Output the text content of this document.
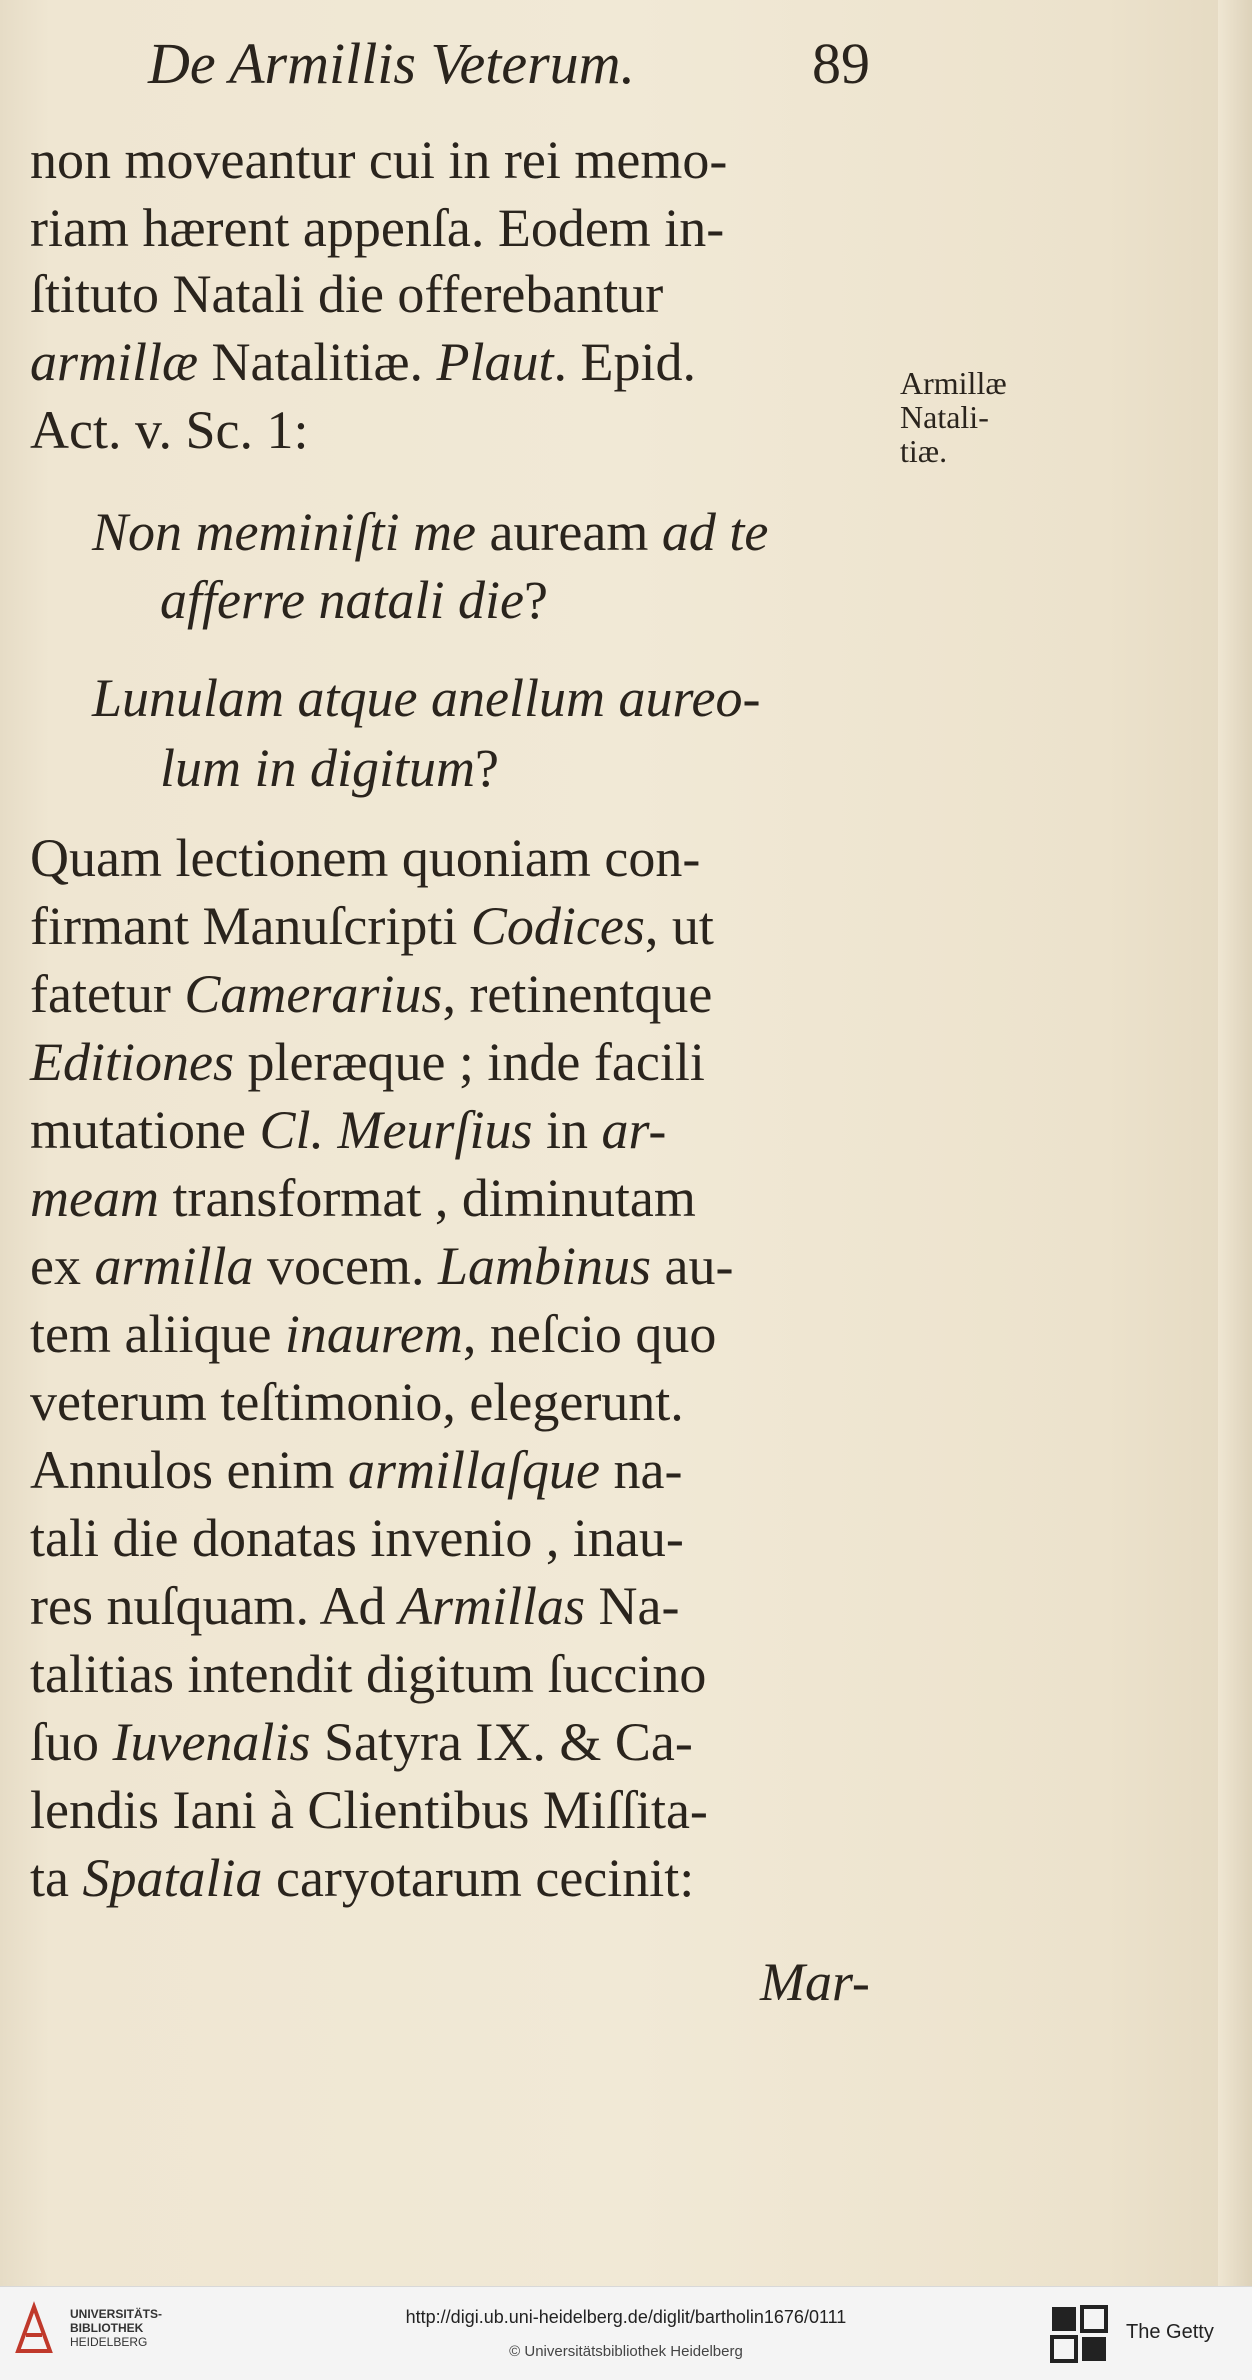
De Armillis Veterum.	89
non moveantur cui in rei memo-
riam hærent appenſa. Eodem in-
ſtituto Natali die offerebantur
armillæ Natalitiæ. Plaut. Epid.
Act. v. Sc. 1:
Non meminiſti me auream ad te
afferre natali die?
Lunulam atque anellum aureo-
lum in digitum?
Quam lectionem quoniam con-
firmant Manuſcripti Codices, ut
fatetur Camerarius, retinentque
Editiones pleræque ; inde facili
mutatione Cl. Meurſius in ar-
meam transformat , diminutam
ex armilla vocem. Lambinus au-
tem aliique inaurem, neſcio quo
veterum teſtimonio, elegerunt.
Annulos enim armillaſque na-
tali die donatas invenio , inau-
res nuſquam. Ad Armillas Na-
talitias intendit digitum ſuccino
ſuo Iuvenalis Satyra IX. & Ca-
lendis Iani à Clientibus Miſſita-
ta Spatalia caryotarum cecinit:
Mar-
Armillæ
Natali-
tiæ.
UNIVERSITÄTS-
BIBLIOTHEK
HEIDELBERG
http://digi.ub.uni-heidelberg.de/diglit/bartholin1676/0111
© Universitätsbibliothek Heidelberg
The Getty
